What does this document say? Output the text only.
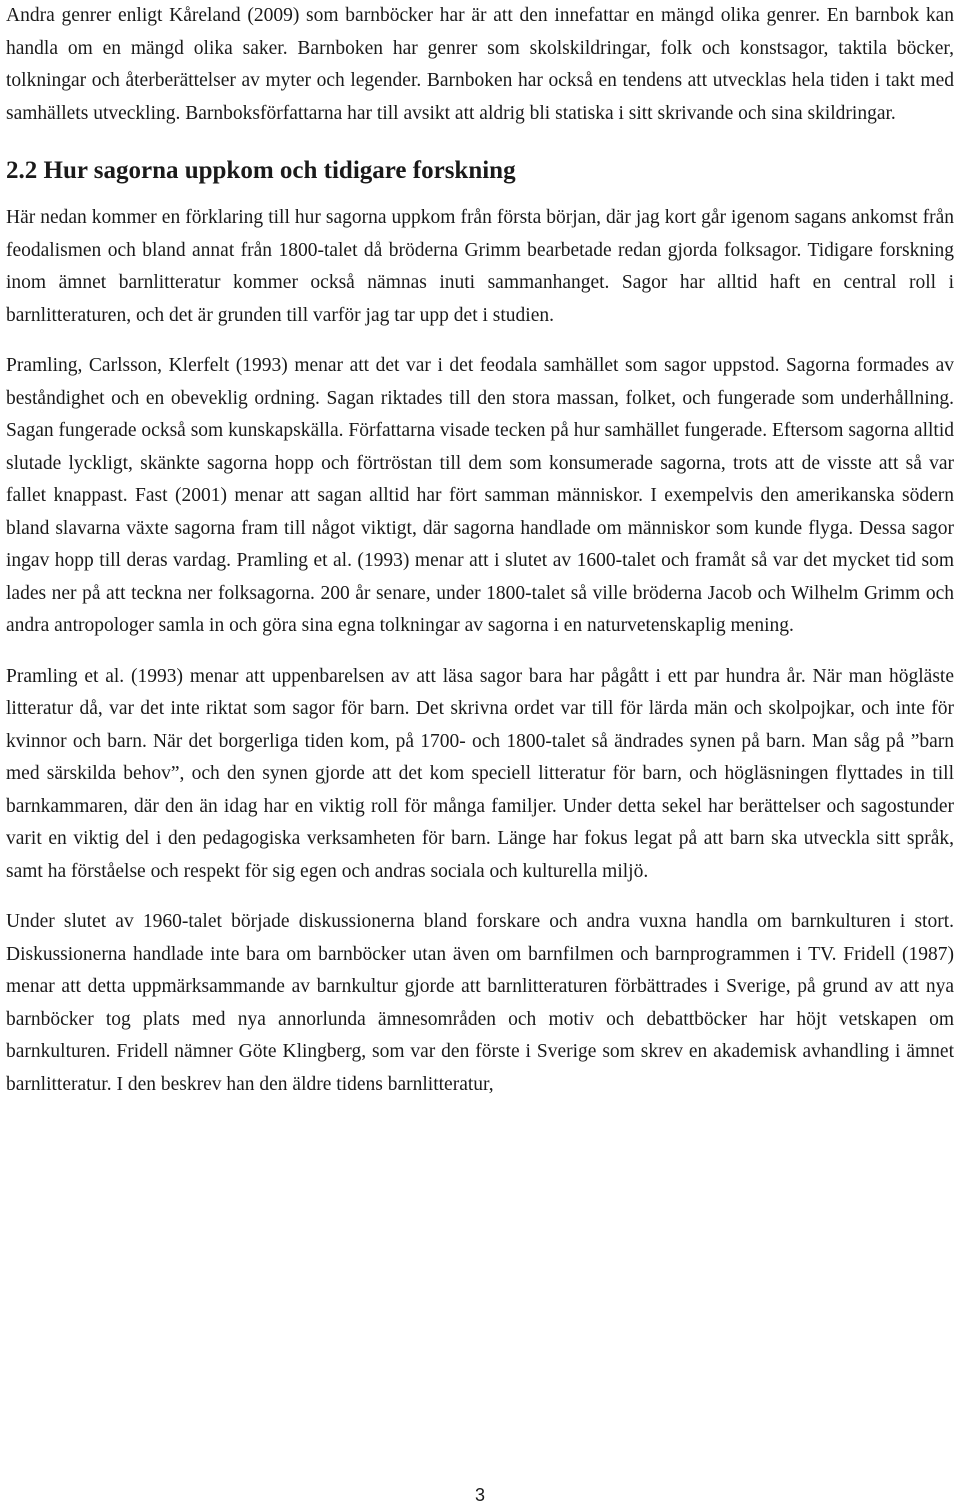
Andra genrer enligt Kåreland (2009) som barnböcker har är att den innefattar en mängd olika genrer. En barnbok kan handla om en mängd olika saker. Barnboken har genrer som skolskildringar, folk och konstsagor, taktila böcker, tolkningar och återberättelser av myter och legender. Barnboken har också en tendens att utvecklas hela tiden i takt med samhällets utveckling. Barnboksförfattarna har till avsikt att aldrig bli statiska i sitt skrivande och sina skildringar.

2.2 Hur sagorna uppkom och tidigare forskning

Här nedan kommer en förklaring till hur sagorna uppkom från första början, där jag kort går igenom sagans ankomst från feodalismen och bland annat från 1800-talet då bröderna Grimm bearbetade redan gjorda folksagor. Tidigare forskning inom ämnet barnlitteratur kommer också nämnas inuti sammanhanget. Sagor har alltid haft en central roll i barnlitteraturen, och det är grunden till varför jag tar upp det i studien.

Pramling, Carlsson, Klerfelt (1993) menar att det var i det feodala samhället som sagor uppstod. Sagorna formades av beståndighet och en obeveklig ordning. Sagan riktades till den stora massan, folket, och fungerade som underhållning. Sagan fungerade också som kunskapskälla. Författarna visade tecken på hur samhället fungerade. Eftersom sagorna alltid slutade lyckligt, skänkte sagorna hopp och förtröstan till dem som konsumerade sagorna, trots att de visste att så var fallet knappast. Fast (2001) menar att sagan alltid har fört samman människor. I exempelvis den amerikanska södern bland slavarna växte sagorna fram till något viktigt, där sagorna handlade om människor som kunde flyga. Dessa sagor ingav hopp till deras vardag. Pramling et al. (1993) menar att i slutet av 1600-talet och framåt så var det mycket tid som lades ner på att teckna ner folksagorna. 200 år senare, under 1800-talet så ville bröderna Jacob och Wilhelm Grimm och andra antropologer samla in och göra sina egna tolkningar av sagorna i en naturvetenskaplig mening.

Pramling et al. (1993) menar att uppenbarelsen av att läsa sagor bara har pågått i ett par hundra år. När man högläste litteratur då, var det inte riktat som sagor för barn. Det skrivna ordet var till för lärda män och skolpojkar, och inte för kvinnor och barn. När det borgerliga tiden kom, på 1700- och 1800-talet så ändrades synen på barn. Man såg på ”barn med särskilda behov”, och den synen gjorde att det kom speciell litteratur för barn, och högläsningen flyttades in till barnkammaren, där den än idag har en viktig roll för många familjer. Under detta sekel har berättelser och sagostunder varit en viktig del i den pedagogiska verksamheten för barn. Länge har fokus legat på att barn ska utveckla sitt språk, samt ha förståelse och respekt för sig egen och andras sociala och kulturella miljö.

Under slutet av 1960-talet började diskussionerna bland forskare och andra vuxna handla om barnkulturen i stort. Diskussionerna handlade inte bara om barnböcker utan även om barnfilmen och barnprogrammen i TV. Fridell (1987) menar att detta uppmärksammande av barnkultur gjorde att barnlitteraturen förbättrades i Sverige, på grund av att nya barnböcker tog plats med nya annorlunda ämnesområden och motiv och debattböcker har höjt vetskapen om barnkulturen. Fridell nämner Göte Klingberg, som var den förste i Sverige som skrev en akademisk avhandling i ämnet barnlitteratur. I den beskrev han den äldre tidens barnlitteratur,

3
